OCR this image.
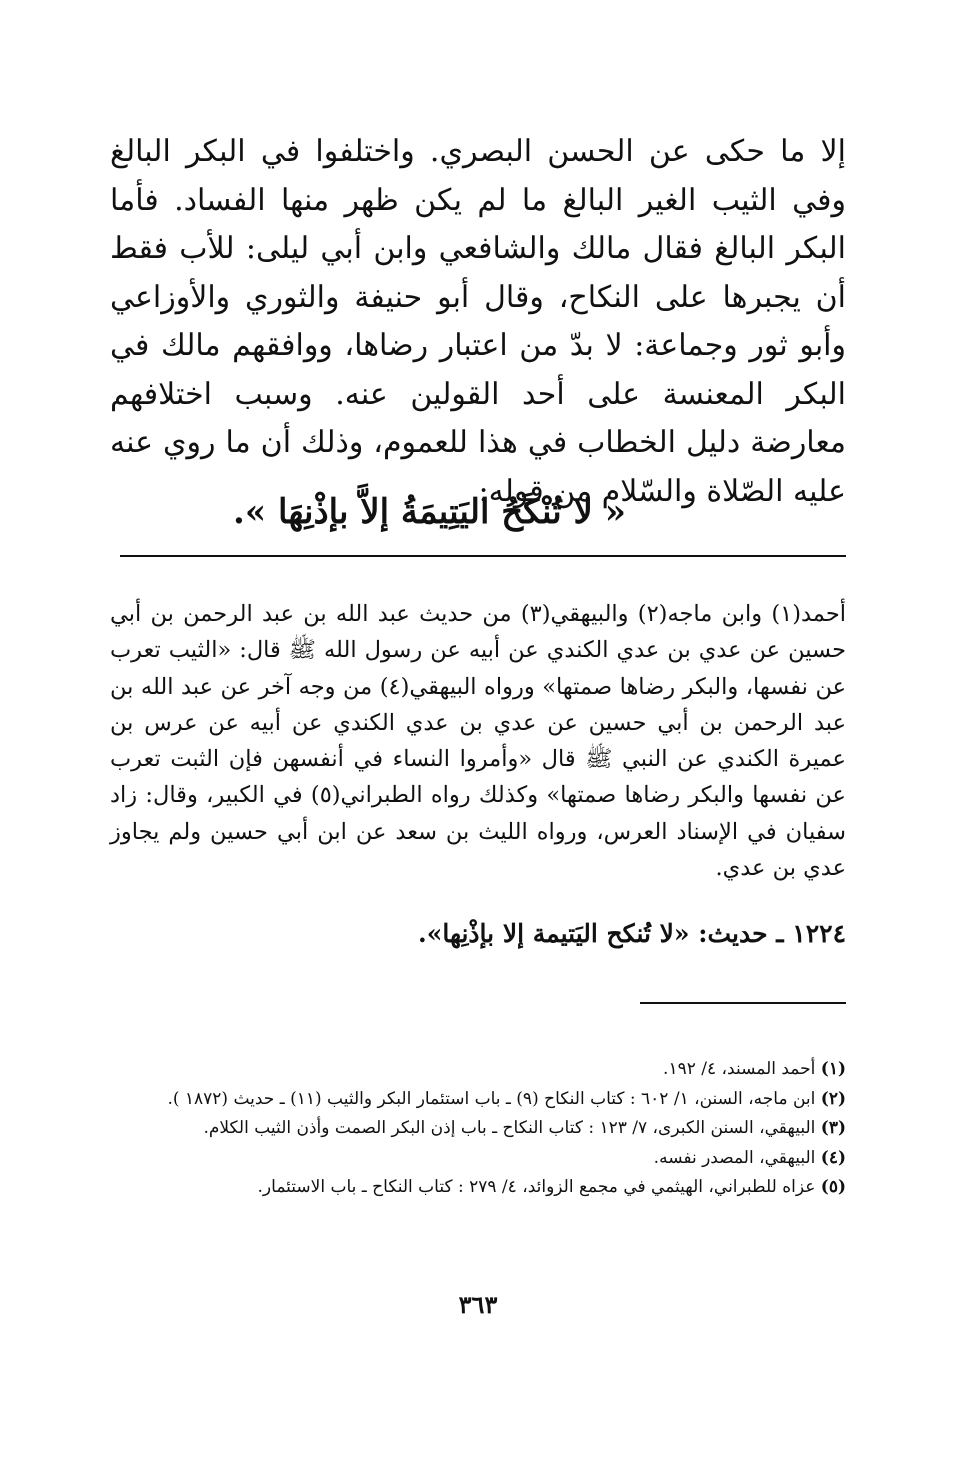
إلا ما حكى عن الحسن البصري. واختلفوا في البكر البالغ وفي الثيب الغير البالغ ما لم يكن ظهر منها الفساد. فأما البكر البالغ فقال مالك والشافعي وابن أبي ليلى: للأب فقط أن يجبرها على النكاح، وقال أبو حنيفة والثوري والأوزاعي وأبو ثور وجماعة: لا بدّ من اعتبار رضاها، ووافقهم مالك في البكر المعنسة على أحد القولين عنه. وسبب اختلافهم معارضة دليل الخطاب في هذا للعموم، وذلك أن ما روي عنه عليه الصّلاة والسّلام من قوله:

« لا تُنْكَحُ اليَتِيمَةُ إلاَّ بإذْنِهَا ».

أحمد(١) وابن ماجه(٢) والبيهقي(٣) من حديث عبد الله بن عبد الرحمن بن أبي حسين عن عدي بن عدي الكندي عن أبيه عن رسول الله ﷺ قال: «الثيب تعرب عن نفسها، والبكر رضاها صمتها» ورواه البيهقي(٤) من وجه آخر عن عبد الله بن عبد الرحمن بن أبي حسين عن عدي بن عدي الكندي عن أبيه عن عرس بن عميرة الكندي عن النبي ﷺ قال «وأمروا النساء في أنفسهن فإن الثبت تعرب عن نفسها والبكر رضاها صمتها» وكذلك رواه الطبراني(٥) في الكبير، وقال: زاد سفيان في الإسناد العرس، ورواه الليث بن سعد عن ابن أبي حسين ولم يجاوز عدي بن عدي.

١٢٢٤ ـ حديث: «لا تُنكح اليَتيمة إلا بإذْنِها».

(١) أحمد المسند، ٤/ ١٩٢.

(٢) ابن ماجه، السنن، ١/ ٦٠٢ : كتاب النكاح (٩) ـ باب استئمار البكر والثيب (١١) ـ حديث (١٨٧٢ ).

(٣) البيهقي، السنن الكبرى، ٧/ ١٢٣ : كتاب النكاح ـ باب إذن البكر الصمت وأذن الثيب الكلام.

(٤) البيهقي، المصدر نفسه.

(٥) عزاه للطبراني، الهيثمي في مجمع الزوائد، ٤/ ٢٧٩ : كتاب النكاح ـ باب الاستئمار.

٣٦٣
